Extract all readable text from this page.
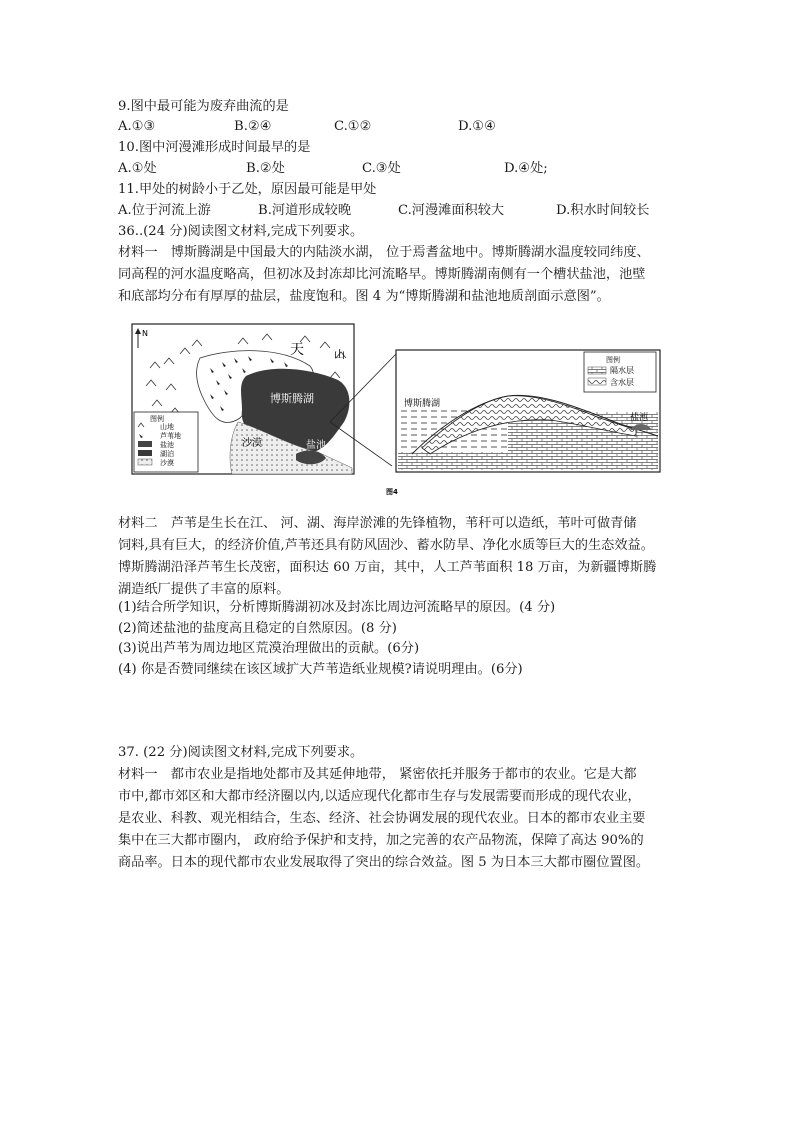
9.图中最可能为废弃曲流的是
A.①③	B.②④	C.①②	D.①④
10.图中河漫滩形成时间最早的是
A.①处	B.②处	C.③处	D.④处;
11.甲处的树龄小于乙处，原因最可能是甲处
A.位于河流上游	B.河道形成较晚	C.河漫滩面积较大	D.积水时间较长
36..(24 分)阅读图文材料,完成下列要求。
材料一　博斯腾湖是中国最大的内陆淡水湖， 位于焉耆盆地中。博斯腾湖水温度较同纬度、
同高程的河水温度略高，但初冰及封冻却比河流略早。博斯腾湖南侧有一个槽状盐池，池壁
和底部均分布有厚厚的盐层，盐度饱和。图 4 为“博斯腾湖和盐池地质剖面示意图”。
N
天	山
博斯腾湖
沙漠	盐池
图例
山地
芦苇地
盐池
湖泊
沙漠
博斯腾湖
盐池
图例
隔水层
含水层
图4
材料二　芦苇是生长在江、 河、湖、海岸淤滩的先锋植物，苇秆可以造纸，苇叶可做青储
饲料,具有巨大，的经济价值,芦苇还具有防风固沙、蓄水防旱、净化水质等巨大的生态效益。
博斯腾湖沿泽芦苇生长茂密，面积达 60 万亩，其中，人工芦苇面积 18 万亩，为新疆博斯腾
湖造纸厂提供了丰富的原料。
(1)结合所学知识，分析博斯腾湖初冰及封冻比周边河流略早的原因。(4 分)
(2)简述盐池的盐度高且稳定的自然原因。(8 分)
(3)说出芦苇为周边地区荒漠治理做出的贡献。(6分)
(4) 你是否赞同继续在该区域扩大芦苇造纸业规模?请说明理由。(6分)
37. (22 分)阅读图文材料,完成下列要求。
材料一　都市农业是指地处都市及其延伸地带， 紧密依托并服务于都市的农业。它是大都
市中,都市郊区和大都市经济圈以内,以适应现代化都市生存与发展需要而形成的现代农业，
是农业、科教、观光相结合，生态、经济、社会协调发展的现代农业。日本的都市农业主要
集中在三大都市圈内， 政府给予保护和支持，加之完善的农产品物流，保障了高达 90%的
商品率。日本的现代都市农业发展取得了突出的综合效益。图 5 为日本三大都市圈位置图。
